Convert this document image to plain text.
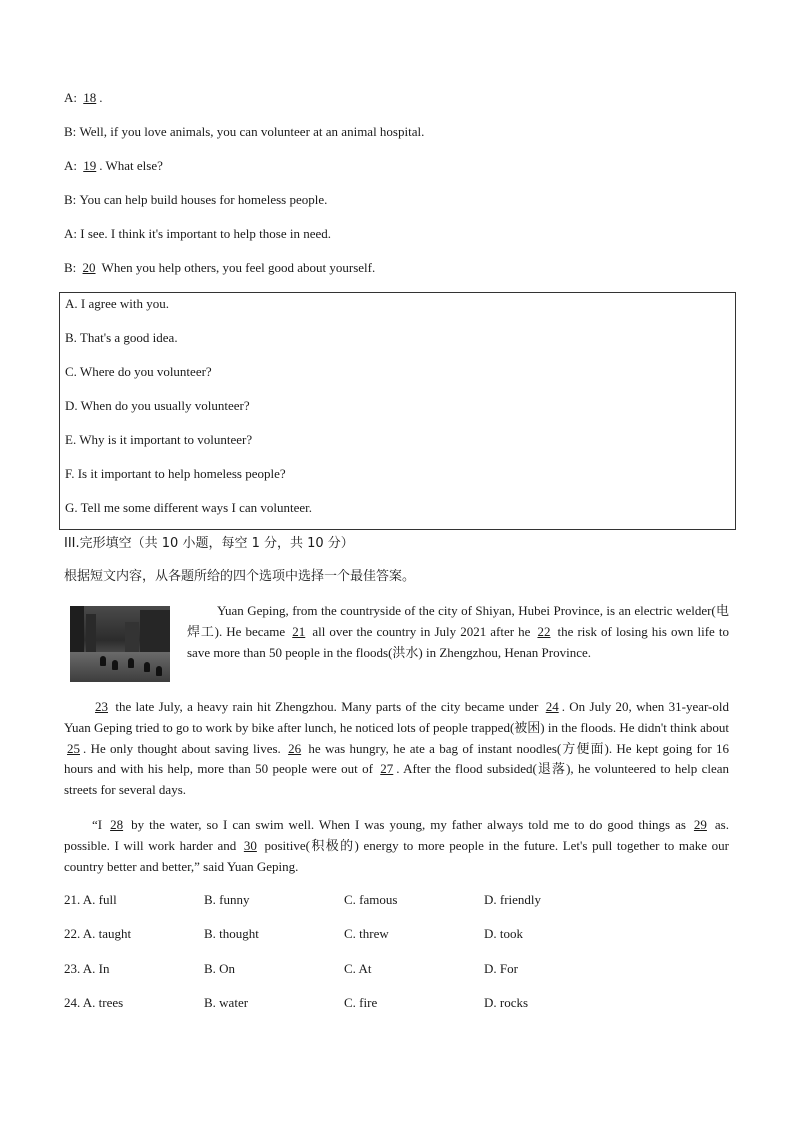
A: 18 .
B: Well, if you love animals, you can volunteer at an animal hospital.
A: 19 . What else?
B: You can help build houses for homeless people.
A: I see. I think it's important to help those in need.
B: 20 When you help others, you feel good about yourself.
A. I agree with you.
B. That's a good idea.
C. Where do you volunteer?
D. When do you usually volunteer?
E. Why is it important to volunteer?
F. Is it important to help homeless people?
G. Tell me some different ways I can volunteer.
III.完形填空（共 10 小题，每空 1 分，共 10 分）
根据短文内容，从各题所给的四个选项中选择一个最佳答案。
Yuan Geping, from the countryside of the city of Shiyan, Hubei Province, is an electric welder(电焊工). He became 21 all over the country in July 2021 after he 22 the risk of losing his own life to save more than 50 people in the floods(洪水) in Zhengzhou, Henan Province.
23 the late July, a heavy rain hit Zhengzhou. Many parts of the city became under 24 . On July 20, when 31-year-old Yuan Geping tried to go to work by bike after lunch, he noticed lots of people trapped(被困) in the floods. He didn't think about 25 . He only thought about saving lives. 26 he was hungry, he ate a bag of instant noodles(方便面). He kept going for 16 hours and with his help, more than 50 people were out of 27 . After the flood subsided(退落), he volunteered to help clean streets for several days.
“I 28 by the water, so I can swim well. When I was young, my father always told me to do good things as 29 as. possible. I will work harder and 30 positive(积极的) energy to more people in the future. Let's pull together to make our country better and better,” said Yuan Geping.
21. A. full	B. funny	C. famous	D. friendly
22. A. taught	B. thought	C. threw	D. took
23. A. In	B. On	C. At	D. For
24. A. trees	B. water	C. fire	D. rocks
